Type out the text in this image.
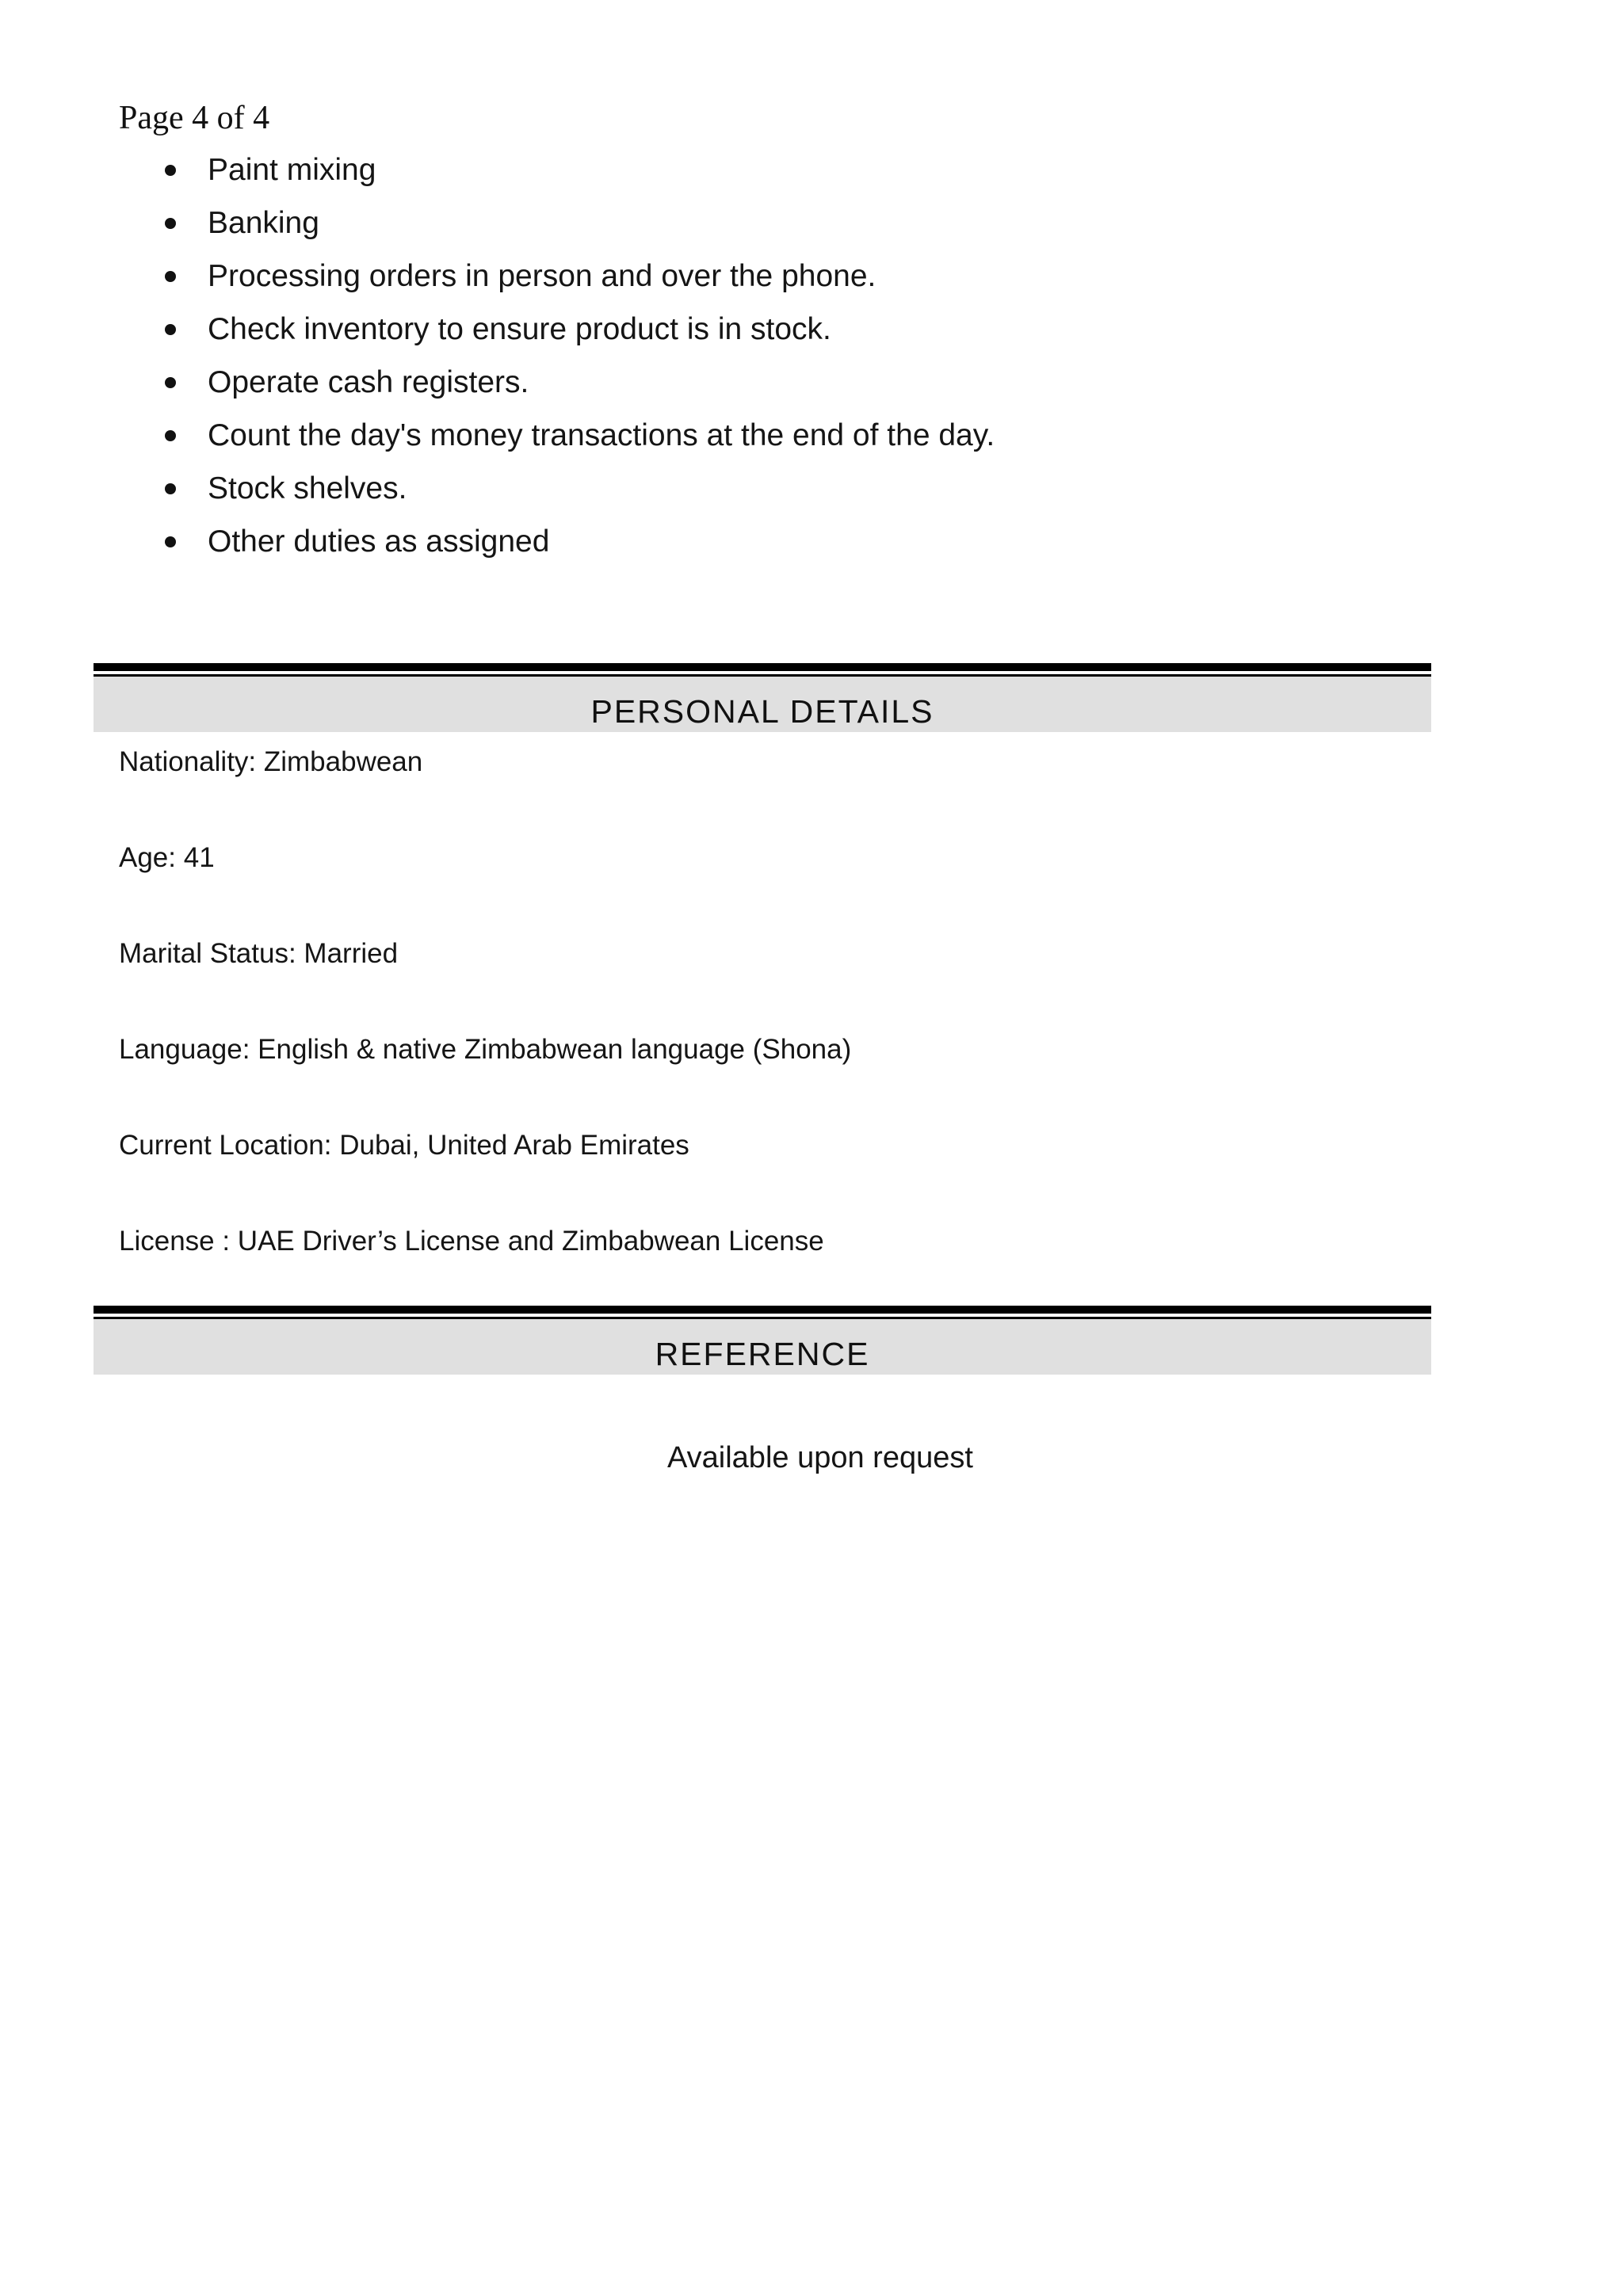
Page 4 of 4
Paint mixing
Banking
Processing orders in person and over the phone.
Check inventory to ensure product is in stock.
Operate cash registers.
Count the day's money transactions at the end of the day.
Stock shelves.
Other duties as assigned
PERSONAL DETAILS
Nationality: Zimbabwean
Age: 41
Marital Status: Married
Language: English & native Zimbabwean language (Shona)
Current Location: Dubai, United Arab Emirates
License : UAE Driver’s License and Zimbabwean License
REFERENCE
Available upon request
